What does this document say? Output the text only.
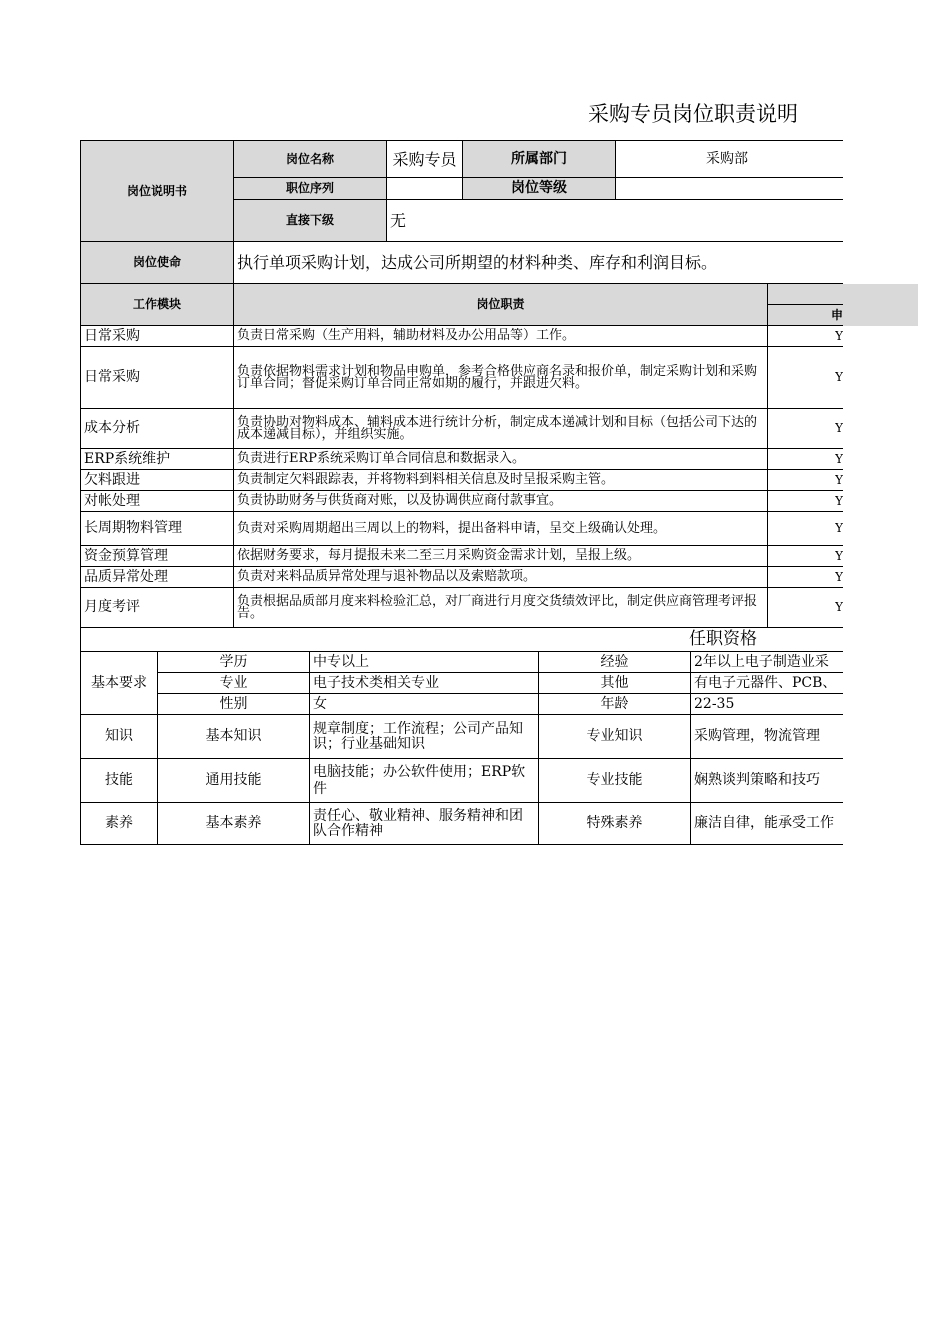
采购专员岗位职责说明
岗位说明书	岗位名称	采购专员	所属部门	采购部
	职位序列		岗位等级	
	直接下级	无		
岗位使命	执行单项采购计划，达成公司所期望的材料种类、库存和利润目标。			
工作模块	岗位职责		
		申	
日常采购	负责日常采购（生产用料，辅助材料及办公用品等）工作。	Y	
日常采购	负责依据物料需求计划和物品申购单，参考合格供应商名录和报价单，制定采购计划和采购订单合同；督促采购订单合同正常如期的履行，并跟进欠料。	Y	
成本分析	负责协助对物料成本、辅料成本进行统计分析，制定成本递减计划和目标（包括公司下达的成本递减目标），并组织实施。	Y	
ERP系统维护	负责进行ERP系统采购订单合同信息和数据录入。	Y	
欠料跟进	负责制定欠料跟踪表，并将物料到料相关信息及时呈报采购主管。	Y	
对帐处理	负责协助财务与供货商对账，以及协调供应商付款事宜。	Y	
长周期物料管理	负责对采购周期超出三周以上的物料，提出备料申请，呈交上级确认处理。	Y	
资金预算管理	依据财务要求，每月提报未来二至三月采购资金需求计划，呈报上级。	Y	
品质异常处理	负责对来料品质异常处理与退补物品以及索赔款项。	Y	
月度考评	负责根据品质部月度来料检验汇总，对厂商进行月度交货绩效评比，制定供应商管理考评报告。	Y	
任职资格				
基本要求	学历	中专以上	经验	2年以上电子制造业采
	专业	电子技术类相关专业	其他	有电子元器件、PCB、
	性别	女	年龄	22-35
知识	基本知识	规章制度；工作流程；公司产品知识；行业基础知识	专业知识	采购管理，物流管理
技能	通用技能	电脑技能；办公软件使用；ERP软件	专业技能	娴熟谈判策略和技巧
素养	基本素养	责任心、敬业精神、服务精神和团队合作精神	特殊素养	廉洁自律，能承受工作
